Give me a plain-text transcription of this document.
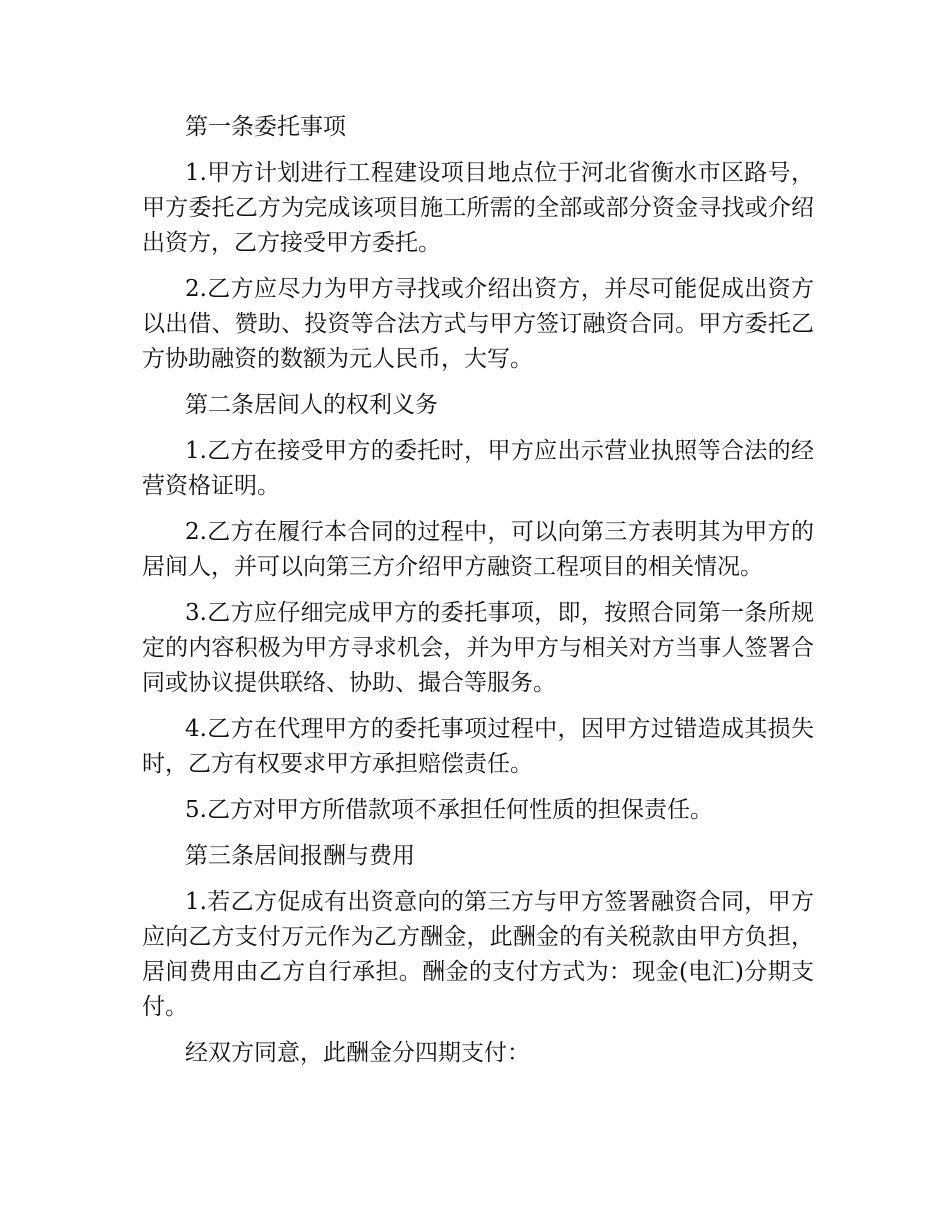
第一条委托事项

1.甲方计划进行工程建设项目地点位于河北省衡水市区路号，甲方委托乙方为完成该项目施工所需的全部或部分资金寻找或介绍出资方，乙方接受甲方委托。

2.乙方应尽力为甲方寻找或介绍出资方，并尽可能促成出资方以出借、赞助、投资等合法方式与甲方签订融资合同。甲方委托乙方协助融资的数额为元人民币，大写。

第二条居间人的权利义务

1.乙方在接受甲方的委托时，甲方应出示营业执照等合法的经营资格证明。

2.乙方在履行本合同的过程中，可以向第三方表明其为甲方的居间人，并可以向第三方介绍甲方融资工程项目的相关情况。

3.乙方应仔细完成甲方的委托事项，即，按照合同第一条所规定的内容积极为甲方寻求机会，并为甲方与相关对方当事人签署合同或协议提供联络、协助、撮合等服务。

4.乙方在代理甲方的委托事项过程中，因甲方过错造成其损失时，乙方有权要求甲方承担赔偿责任。

5.乙方对甲方所借款项不承担任何性质的担保责任。

第三条居间报酬与费用

1.若乙方促成有出资意向的第三方与甲方签署融资合同，甲方应向乙方支付万元作为乙方酬金，此酬金的有关税款由甲方负担，居间费用由乙方自行承担。酬金的支付方式为：现金(电汇)分期支付。

经双方同意，此酬金分四期支付：
